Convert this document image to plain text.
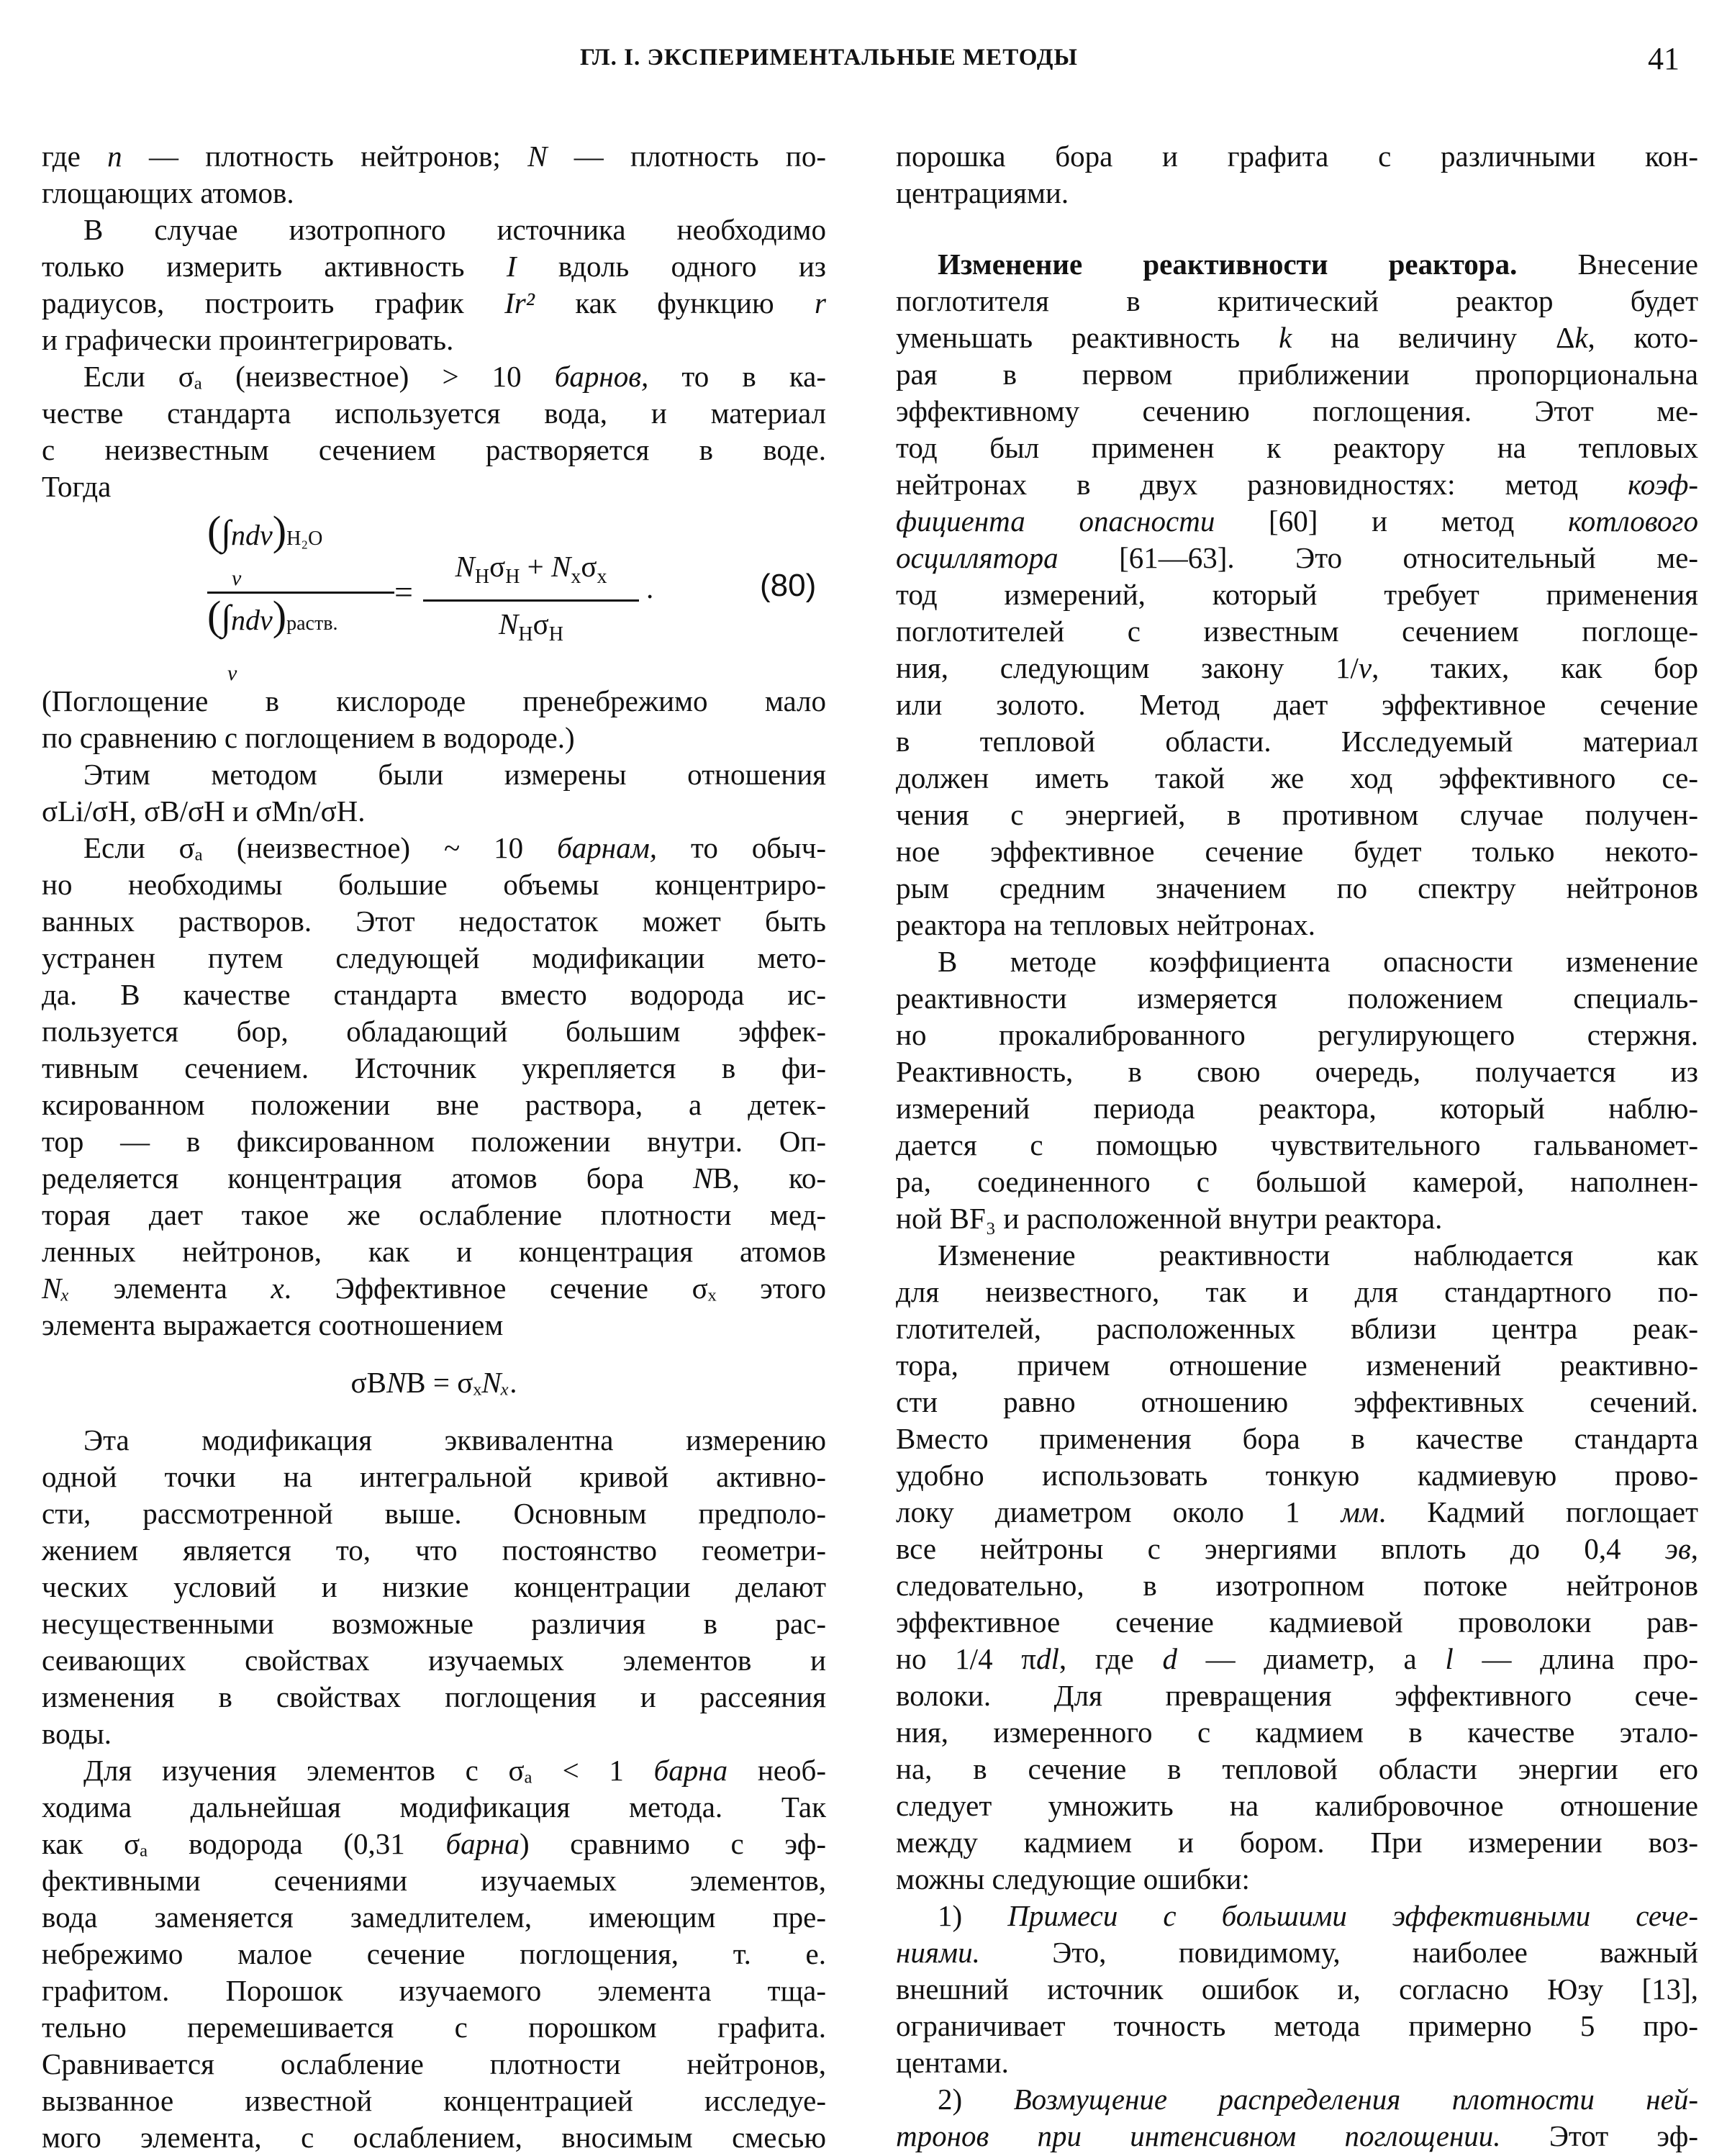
ГЛ. I. ЭКСПЕРИМЕНТАЛЬНЫЕ МЕТОДЫ	41
где n — плотность нейтронов; N — плотность по-
глощающих атомов.
В случае изотропного источника необходимо
только измерить активность I вдоль одного из
радиусов, построить график Ir² как функцию r
и графически проинтегрировать.
Если σₐ (неизвестное) > 10 барнов, то в ка-
честве стандарта используется вода, и материал
с неизвестным сечением растворяется в воде.
Тогда
(∫ndv)H₂O
v
(∫ndv)раств.
v
=
$N_H\sigma_H + N_x\sigma_x$
$N_H\sigma_H$
.	(80)
(Поглощение в кислороде пренебрежимо мало
по сравнению с поглощением в водороде.)
Этим методом были измерены отношения
σLi/σH, σB/σH и σMn/σH.
Если σₐ (неизвестное) ~ 10 барнам, то обыч-
но необходимы большие объемы концентриро-
ванных растворов. Этот недостаток может быть
устранен путем следующей модификации мето-
да. В качестве стандарта вместо водорода ис-
пользуется бор, обладающий большим эффек-
тивным сечением. Источник укрепляется в фи-
ксированном положении вне раствора, а детек-
тор — в фиксированном положении внутри. Оп-
ределяется концентрация атомов бора NB, ко-
торая дает такое же ослабление плотности мед-
ленных нейтронов, как и концентрация атомов
Nₓ элемента x. Эффективное сечение σₓ этого
элемента выражается соотношением
σBNB = σₓNₓ.
Эта модификация эквивалентна измерению
одной точки на интегральной кривой активно-
сти, рассмотренной выше. Основным предполо-
жением является то, что постоянство геометри-
ческих условий и низкие концентрации делают
несущественными возможные различия в рас-
сеивающих свойствах изучаемых элементов и
изменения в свойствах поглощения и рассеяния
воды.
Для изучения элементов с σₐ < 1 барна необ-
ходима дальнейшая модификация метода. Так
как σₐ водорода (0,31 барна) сравнимо с эф-
фективными сечениями изучаемых элементов,
вода заменяется замедлителем, имеющим пре-
небрежимо малое сечение поглощения, т. е.
графитом. Порошок изучаемого элемента тща-
тельно перемешивается с порошком графита.
Сравнивается ослабление плотности нейтронов,
вызванное известной концентрацией исследуе-
мого элемента, с ослаблением, вносимым смесью
порошка бора и графита с различными кон-
центрациями.
Изменение реактивности реактора. Внесение
поглотителя в критический реактор будет
уменьшать реактивность k на величину Δk, кото-
рая в первом приближении пропорциональна
эффективному сечению поглощения. Этот ме-
тод был применен к реактору на тепловых
нейтронах в двух разновидностях: метод коэф-
фициента опасности [60] и метод котлового
осциллятора [61—63]. Это относительный ме-
тод измерений, который требует применения
поглотителей с известным сечением поглоще-
ния, следующим закону 1/v, таких, как бор
или золото. Метод дает эффективное сечение
в тепловой области. Исследуемый материал
должен иметь такой же ход эффективного се-
чения с энергией, в противном случае получен-
ное эффективное сечение будет только некото-
рым средним значением по спектру нейтронов
реактора на тепловых нейтронах.
В методе коэффициента опасности изменение
реактивности измеряется положением специаль-
но прокалиброванного регулирующего стержня.
Реактивность, в свою очередь, получается из
измерений периода реактора, который наблю-
дается с помощью чувствительного гальваномет-
ра, соединенного с большой камерой, наполнен-
ной BF₃ и расположенной внутри реактора.
Изменение реактивности наблюдается как
для неизвестного, так и для стандартного по-
глотителей, расположенных вблизи центра реак-
тора, причем отношение изменений реактивно-
сти равно отношению эффективных сечений.
Вместо применения бора в качестве стандарта
удобно использовать тонкую кадмиевую прово-
локу диаметром около 1 мм. Кадмий поглощает
все нейтроны с энергиями вплоть до 0,4 эв,
следовательно, в изотропном потоке нейтронов
эффективное сечение кадмиевой проволоки рав-
но 1/4 πdl, где d — диаметр, а l — длина про-
волоки. Для превращения эффективного сече-
ния, измеренного с кадмием в качестве этало-
на, в сечение в тепловой области энергии его
следует умножить на калибровочное отношение
между кадмием и бором. При измерении воз-
можны следующие ошибки:
1) Примеси с большими эффективными сече-
ниями. Это, повидимому, наиболее важный
внешний источник ошибок и, согласно Юзу [13],
ограничивает точность метода примерно 5 про-
центами.
2) Возмущение распределения плотности ней-
тронов при интенсивном поглощении. Этот эф-
